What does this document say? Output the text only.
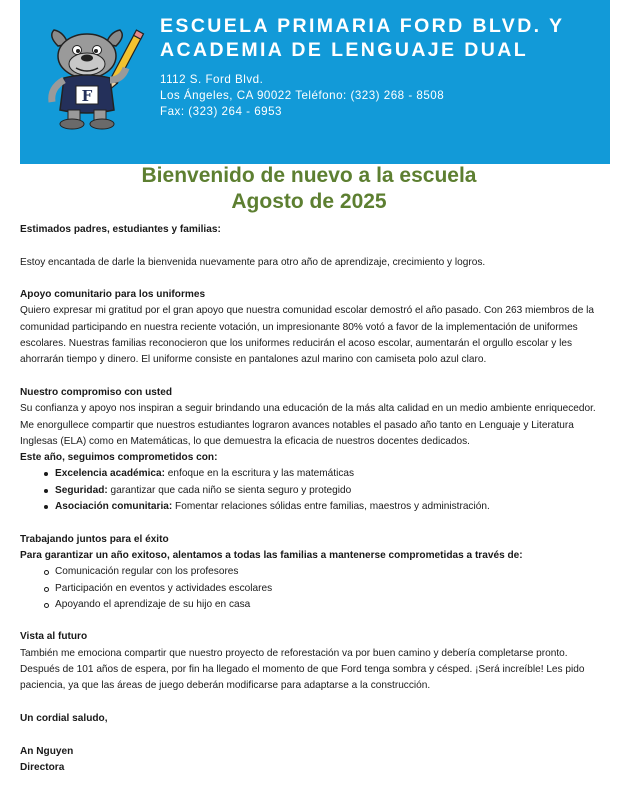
F
ESCUELA PRIMARIA FORD BLVD. Y ACADEMIA DE LENGUAJE DUAL
1112 S. Ford Blvd.
Los Ángeles, CA 90022 Teléfono: (323) 268 - 8508
Fax: (323) 264 - 6953
Bienvenido de nuevo a la escuela
Agosto de 2025

Estimados padres, estudiantes y familias:

Estoy encantada de darle la bienvenida nuevamente para otro año de aprendizaje, crecimiento y logros.

Apoyo comunitario para los uniformes

Quiero expresar mi gratitud por el gran apoyo que nuestra comunidad escolar demostró el año pasado. Con 263 miembros de la comunidad participando en nuestra reciente votación, un impresionante 80% votó a favor de la implementación de uniformes escolares. Nuestras familias reconocieron que los uniformes reducirán el acoso escolar, aumentarán el orgullo escolar y les ahorrarán tiempo y dinero. El uniforme consiste en pantalones azul marino con camiseta polo azul claro.

Nuestro compromiso con usted

Su confianza y apoyo nos inspiran a seguir brindando una educación de la más alta calidad en un medio ambiente enriquecedor. Me enorgullece compartir que nuestros estudiantes lograron avances notables el pasado año tanto en Lenguaje y Literatura Inglesas (ELA) como en Matemáticas, lo que demuestra la eficacia de nuestros docentes dedicados.

Este año, seguimos comprometidos con:

Excelencia académica: enfoque en la escritura y las matemáticas
Seguridad: garantizar que cada niño se sienta seguro y protegido
Asociación comunitaria: Fomentar relaciones sólidas entre familias, maestros y administración.

Trabajando juntos para el éxito

Para garantizar un año exitoso, alentamos a todas las familias a mantenerse comprometidas a través de:

Comunicación regular con los profesores
Participación en eventos y actividades escolares
Apoyando el aprendizaje de su hijo en casa

Vista al futuro

También me emociona compartir que nuestro proyecto de reforestación va por buen camino y debería completarse pronto. Después de 101 años de espera, por fin ha llegado el momento de que Ford tenga sombra y césped. ¡Será increíble! Les pido paciencia, ya que las áreas de juego deberán modificarse para adaptarse a la construcción.

Un cordial saludo,

An Nguyen

Directora
